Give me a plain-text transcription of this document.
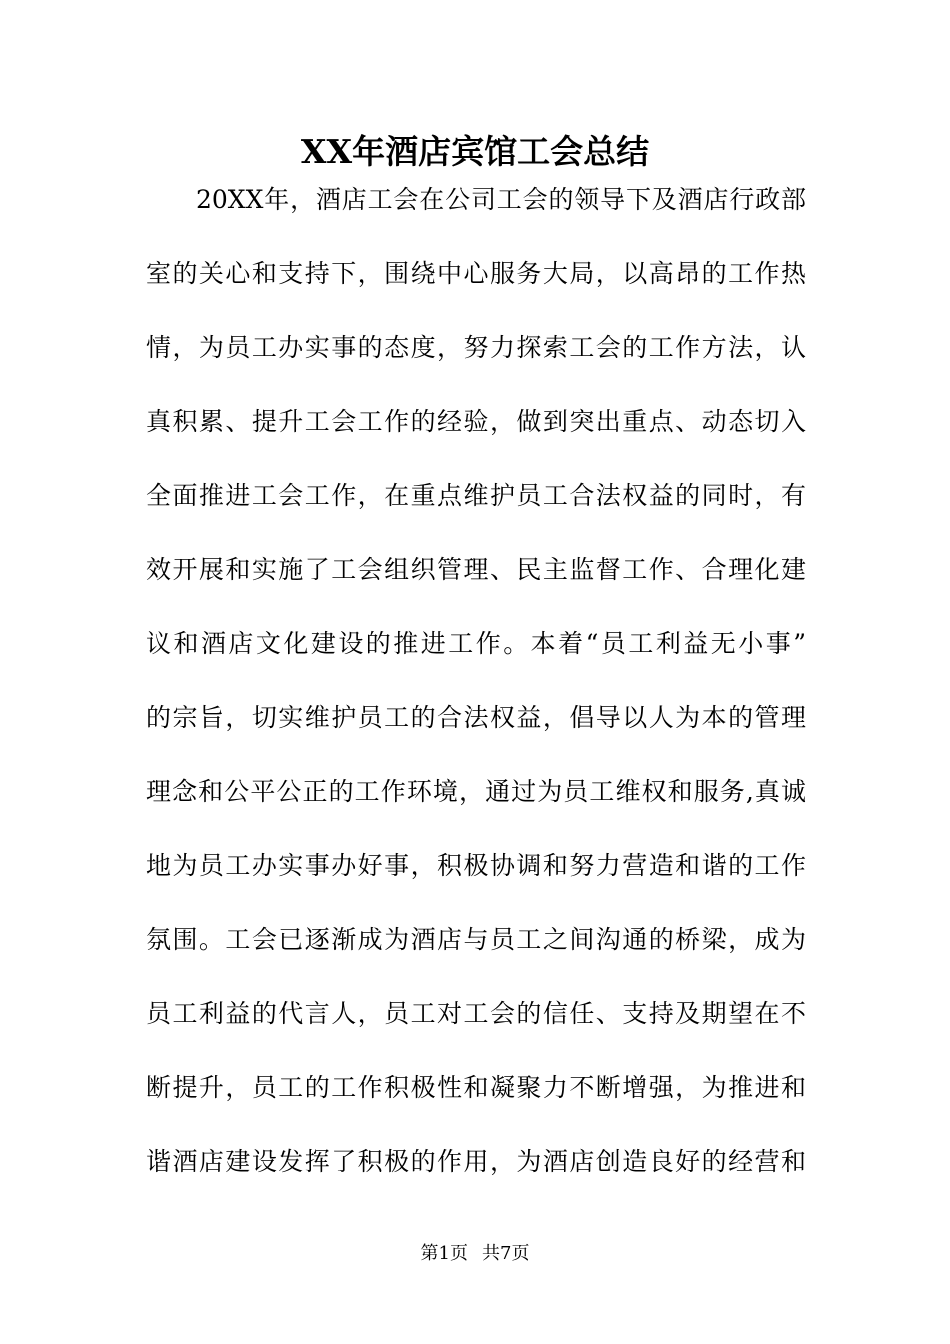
XX年酒店宾馆工会总结
20XX年，酒店工会在公司工会的领导下及酒店行政部
室的关心和支持下，围绕中心服务大局，以高昂的工作热
情，为员工办实事的态度，努力探索工会的工作方法，认
真积累、提升工会工作的经验，做到突出重点、动态切入
全面推进工会工作，在重点维护员工合法权益的同时，有
效开展和实施了工会组织管理、民主监督工作、合理化建
议和酒店文化建设的推进工作。本着“员工利益无小事”
的宗旨，切实维护员工的合法权益，倡导以人为本的管理
理念和公平公正的工作环境，通过为员工维权和服务,真诚
地为员工办实事办好事，积极协调和努力营造和谐的工作
氛围。工会已逐渐成为酒店与员工之间沟通的桥梁，成为
员工利益的代言人，员工对工会的信任、支持及期望在不
断提升，员工的工作积极性和凝聚力不断增强，为推进和
谐酒店建设发挥了积极的作用，为酒店创造良好的经营和
第1页 共7页
